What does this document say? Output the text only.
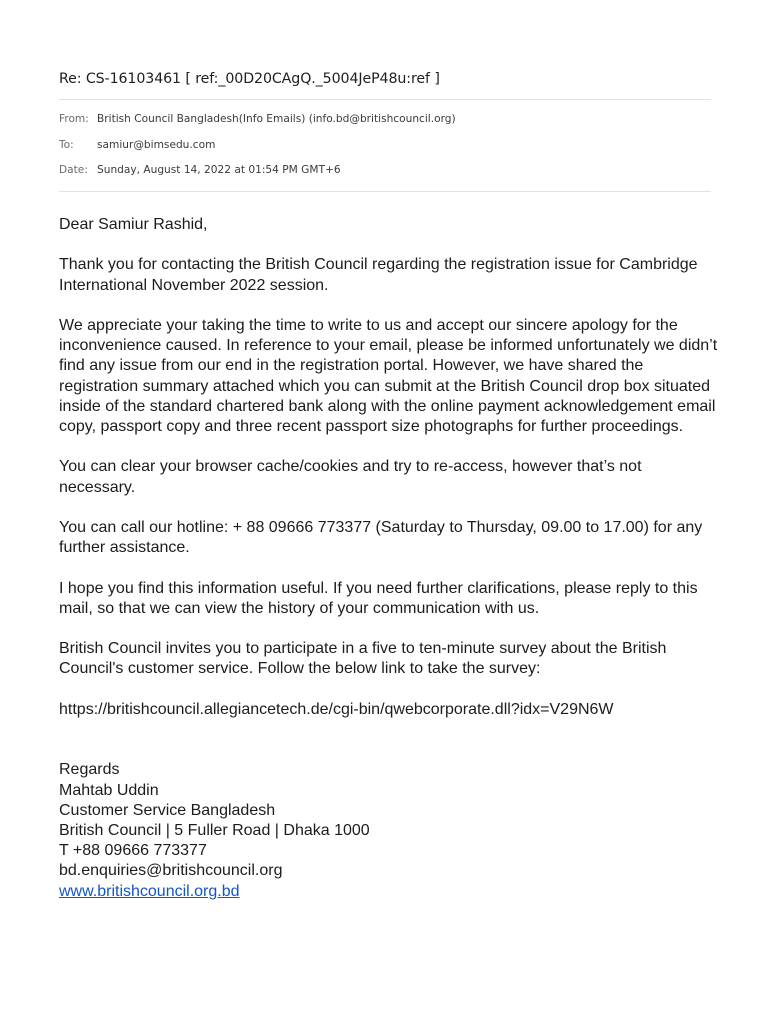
Re: CS-16103461 [ ref:_00D20CAgQ._5004JeP48u:ref ]
From: British Council Bangladesh(Info Emails) (info.bd@britishcouncil.org)
To: samiur@bimsedu.com
Date: Sunday, August 14, 2022 at 01:54 PM GMT+6

Dear Samiur Rashid,

Thank you for contacting the British Council regarding the registration issue for Cambridge International November 2022 session.

We appreciate your taking the time to write to us and accept our sincere apology for the inconvenience caused. In reference to your email, please be informed unfortunately we didn’t find any issue from our end in the registration portal. However, we have shared the registration summary attached which you can submit at the British Council drop box situated inside of the standard chartered bank along with the online payment acknowledgement email copy, passport copy and three recent passport size photographs for further proceedings.

You can clear your browser cache/cookies and try to re-access, however that’s not necessary.

You can call our hotline: + 88 09666 773377 (Saturday to Thursday, 09.00 to 17.00) for any further assistance.

I hope you find this information useful. If you need further clarifications, please reply to this mail, so that we can view the history of your communication with us.

British Council invites you to participate in a five to ten-minute survey about the British Council's customer service. Follow the below link to take the survey:

https://britishcouncil.allegiancetech.de/cgi-bin/qwebcorporate.dll?idx=V29N6W

Regards
Mahtab Uddin
Customer Service Bangladesh
British Council | 5 Fuller Road | Dhaka 1000
T +88 09666 773377
bd.enquiries@britishcouncil.org
www.britishcouncil.org.bd
